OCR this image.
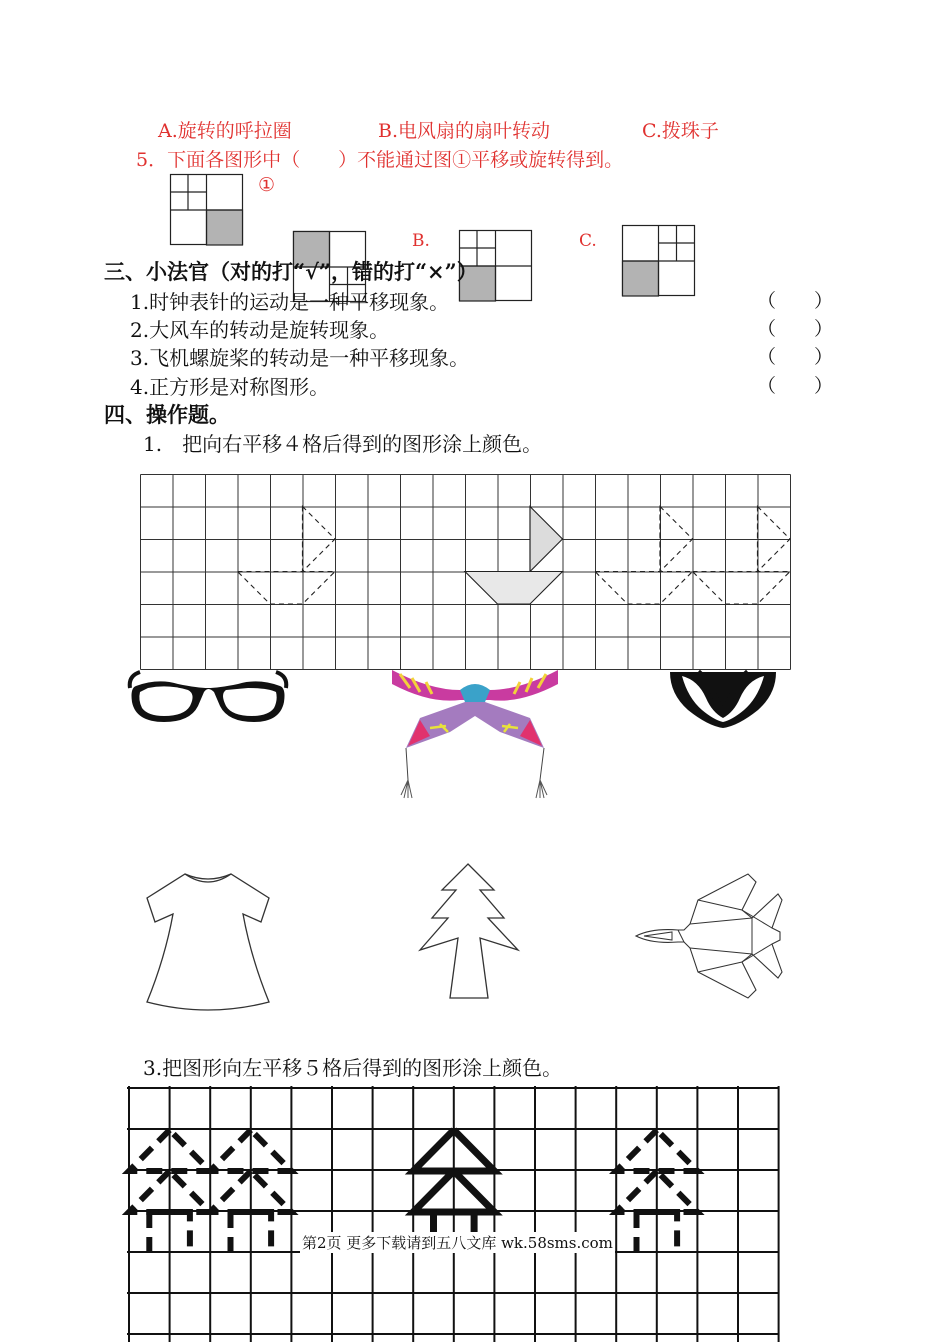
A.旋转的呼拉圈	B.电风扇的扇叶转动	C.拨珠子
5．下面各图形中（　　）不能通过图①平移或旋转得到。
①
B.	C.
三、小法官（对的打“√”，错的打“×”）
1.时钟表针的运动是一种平移现象。	（　　）
2.大风车的转动是旋转现象。	（　　）
3.飞机螺旋桨的转动是一种平移现象。	（　　）
4.正方形是对称图形。	（　　）
四、操作题。
1.　把向右平移４格后得到的图形涂上颜色。
3.把图形向左平移５格后得到的图形涂上颜色。
第2页 更多下载请到五八文库 wk.58sms.com
